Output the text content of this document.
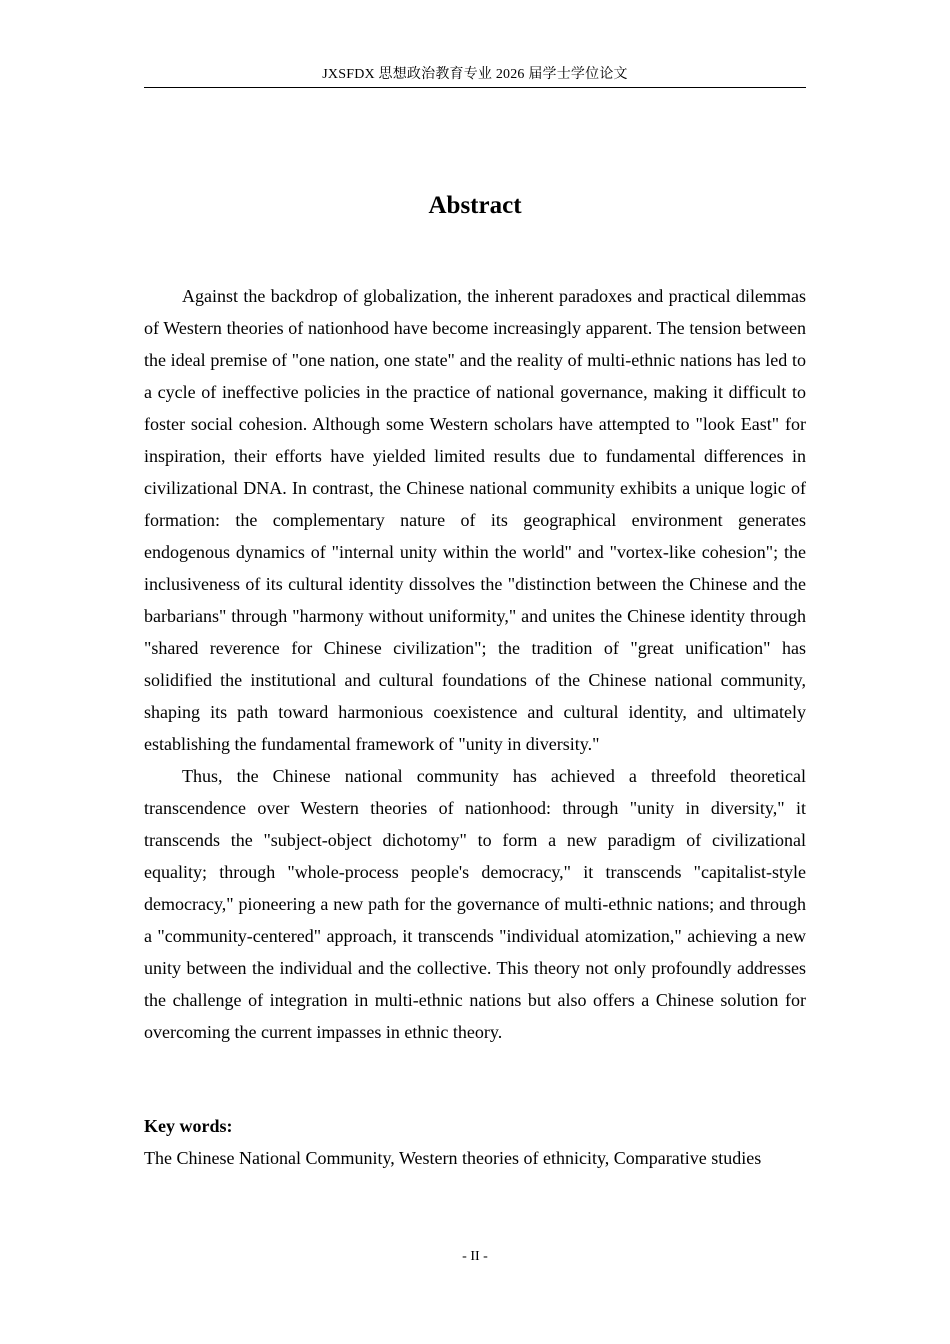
JXSFDX 思想政治教育专业 2026 届学士学位论文
Abstract

Against the backdrop of globalization, the inherent paradoxes and practical dilemmas of Western theories of nationhood have become increasingly apparent. The tension between the ideal premise of "one nation, one state" and the reality of multi-ethnic nations has led to a cycle of ineffective policies in the practice of national governance, making it difficult to foster social cohesion. Although some Western scholars have attempted to "look East" for inspiration, their efforts have yielded limited results due to fundamental differences in civilizational DNA. In contrast, the Chinese national community exhibits a unique logic of formation: the complementary nature of its geographical environment generates endogenous dynamics of "internal unity within the world" and "vortex-like cohesion"; the inclusiveness of its cultural identity dissolves the "distinction between the Chinese and the barbarians" through "harmony without uniformity," and unites the Chinese identity through "shared reverence for Chinese civilization"; the tradition of "great unification" has solidified the institutional and cultural foundations of the Chinese national community, shaping its path toward harmonious coexistence and cultural identity, and ultimately establishing the fundamental framework of "unity in diversity."

Thus, the Chinese national community has achieved a threefold theoretical transcendence over Western theories of nationhood: through "unity in diversity," it transcends the "subject-object dichotomy" to form a new paradigm of civilizational equality; through "whole-process people's democracy," it transcends "capitalist-style democracy," pioneering a new path for the governance of multi-ethnic nations; and through a "community-centered" approach, it transcends "individual atomization," achieving a new unity between the individual and the collective. This theory not only profoundly addresses the challenge of integration in multi-ethnic nations but also offers a Chinese solution for overcoming the current impasses in ethnic theory.

Key words:
The Chinese National Community, Western theories of ethnicity, Comparative studies
- II -
